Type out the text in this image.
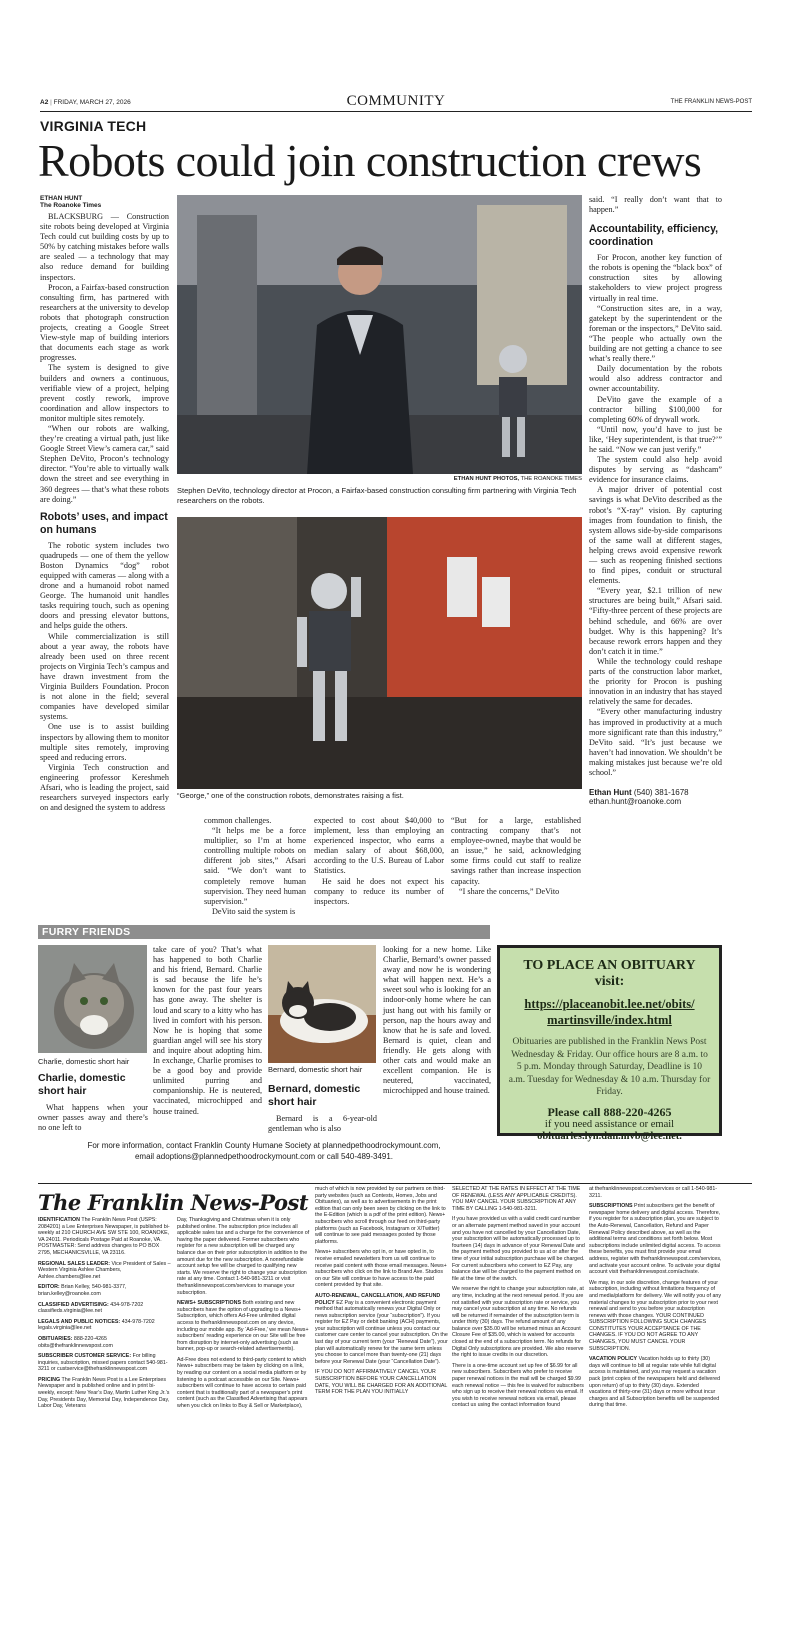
A2 | FRIDAY, MARCH 27, 2026	COMMUNITY	THE FRANKLIN NEWS-POST
VIRGINIA TECH
Robots could join construction crews
ETHAN HUNT
The Roanoke Times

BLACKSBURG — Construction site robots being developed at Virginia Tech could cut building costs by up to 50% by catching mistakes before walls are sealed — a technology that may also reduce demand for building inspectors.

Procon, a Fairfax-based construction consulting firm, has partnered with researchers at the university to develop robots that photograph construction projects, creating a Google Street View-style map of building interiors that documents each stage as work progresses.

The system is designed to give builders and owners a continuous, verifiable view of a project, helping prevent costly rework, improve coordination and allow inspectors to monitor multiple sites remotely.

“When our robots are walking, they’re creating a virtual path, just like Google Street View’s camera car,” said Stephen DeVito, Procon’s technology director. “You’re able to virtually walk down the street and see everything in 360 degrees — that’s what these robots are doing.”

Robots’ uses, and impact on humans

The robotic system includes two quadrupeds — one of them the yellow Boston Dynamics “dog” robot equipped with cameras — along with a drone and a humanoid robot named George. The humanoid unit handles tasks requiring touch, such as opening doors and pressing elevator buttons, and helps guide the others.

While commercialization is still about a year away, the robots have already been used on three recent projects on Virginia Tech’s campus and have drawn investment from the Virginia Builders Foundation. Procon is not alone in the field; several companies have developed similar systems.

One use is to assist building inspectors by allowing them to monitor multiple sites remotely, improving speed and reducing errors.

Virginia Tech construction and engineering professor Kereshmeh Afsari, who is leading the project, said researchers surveyed inspectors early on and designed the system to address

ETHAN HUNT PHOTOS, THE ROANOKE TIMES
Stephen DeVito, technology director at Procon, a Fairfax-based construction consulting firm partnering with Virginia Tech researchers on the robots.
“George,” one of the construction robots, demonstrates raising a fist.

common challenges.

“It helps me be a force multiplier, so I’m at home controlling multiple robots on different job sites,” Afsari said. “We don’t want to completely remove human supervision. They need human supervision.”

DeVito said the system is

expected to cost about $40,000 to implement, less than employing an experienced inspector, who earns a median salary of about $68,000, according to the U.S. Bureau of Labor Statistics.

He said he does not expect his company to reduce its number of inspectors.

“But for a large, established contracting company that’s not employee-owned, maybe that would be an issue,” he said, acknowledging some firms could cut staff to realize savings rather than increase inspection capacity.

“I share the concerns,” DeVito

said. “I really don’t want that to happen.”

Accountability, efficiency, coordination

For Procon, another key function of the robots is opening the “black box” of construction sites by allowing stakeholders to view project progress virtually in real time.

“Construction sites are, in a way, gatekept by the superintendent or the foreman or the inspectors,” DeVito said. “The people who actually own the building are not getting a chance to see what’s really there.”

Daily documentation by the robots would also address contractor and owner accountability.

DeVito gave the example of a contractor billing $100,000 for completing 60% of drywall work.

“Until now, you’d have to just be like, ‘Hey superintendent, is that true?’” he said. “Now we can just verify.”

The system could also help avoid disputes by serving as “dashcam” evidence for insurance claims.

A major driver of potential cost savings is what DeVito described as the robot’s “X-ray” vision. By capturing images from foundation to finish, the system allows side-by-side comparisons of the same wall at different stages, helping crews avoid expensive rework — such as reopening finished sections to find pipes, conduit or structural elements.

“Every year, $2.1 trillion of new structures are being built,” Afsari said. “Fifty-three percent of these projects are behind schedule, and 66% are over budget. Why is this happening? It’s because rework errors happen and they don’t catch it in time.”

While the technology could reshape parts of the construction labor market, the priority for Procon is pushing innovation in an industry that has stayed relatively the same for decades.

“Every other manufacturing industry has improved in productivity at a much more significant rate than this industry,” DeVito said. “It’s just because we haven’t had innovation. We shouldn’t be making mistakes just because we’re old school.”

Ethan Hunt (540) 381-1678
ethan.hunt@roanoke.com
FURRY FRIENDS
Charlie, domestic short hair
Charlie, domestic short hair

What happens when your owner passes away and there’s no one left to

take care of you? That’s what has happened to both Charlie and his friend, Bernard. Charlie is sad because the life he’s known for the past four years has gone away. The shelter is loud and scary to a kitty who has lived in comfort with his person. Now he is hoping that some guardian angel will see his story and inquire about adopting him. In exchange, Charlie promises to be a good boy and provide unlimited purring and companionship. He is neutered, vaccinated, microchipped and house trained.

Bernard, domestic short hair
Bernard, domestic short hair

Bernard is a 6-year-old gentleman who is also

looking for a new home. Like Charlie, Bernard’s owner passed away and now he is wondering what will happen next. He’s a sweet soul who is looking for an indoor-only home where he can just hang out with his family or person, nap the hours away and know that he is safe and loved. Bernard is quiet, clean and friendly. He gets along with other cats and would make an excellent companion. He is neutered, vaccinated, microchipped and house trained.

For more information, contact Franklin County Humane Society at plannedpethoodrockymount.com,
email adoptions@plannedpethoodrockymount.com or call 540-489-3491.
TO PLACE AN OBITUARY
visit:
https://placeanobit.lee.net/obits/
martinsville/index.html
Obituaries are published in the Franklin News Post Wednesday & Friday. Our office hours are 8 a.m. to 5 p.m. Monday through Saturday, Deadline is 10 a.m. Tuesday for Wednesday & 10 a.m. Thursday for Friday.
Please call 888-220-4265
if you need assistance or email
obituaries.lyn.dan.mvb@lee.net.
The Franklin News-Post

IDENTIFICATION The Franklin News Post (USPS: 2084201) a Lee Enterprises Newspaper, is published bi-weekly at 210 CHURCH AVE SW STE 100, ROANOKE, VA 24011. Periodicals Postage Paid at Roanoke, VA. POSTMASTER: Send address changes to PO BOX 2795, MECHANICSVILLE, VA 23116.

REGIONAL SALES LEADER: Vice President of Sales – Western Virginia Ashlee Chambers, Ashlee.chambers@lee.net

EDITOR: Brian Kelley, 540-981-3377, brian.kelley@roanoke.com

CLASSIFIED ADVERTISING: 434-978-7202 classifieds.virginia@lee.net

LEGALS AND PUBLIC NOTICES: 434-978-7202 legals.virginia@lee.net

OBITUARIES: 888-220-4265 obits@thefranklinnewspost.com

SUBSCRIBER CUSTOMER SERVICE: For billing inquiries, subscription, missed papers contact 540-981-3211 or custservice@thefranklinnewspost.com

PRICING The Franklin News Post is a Lee Enterprises Newspaper and is published online and in print bi-weekly, except: New Year’s Day, Martin Luther King Jr.’s Day, Presidents Day, Memorial Day, Independence Day, Labor Day, Veterans

Day, Thanksgiving and Christmas when it is only published online. The subscription price includes all applicable sales tax and a charge for the convenience of having the paper delivered. Former subscribers who register for a new subscription will be charged any balance due on their prior subscription in addition to the amount due for the new subscription. A nonrefundable account setup fee will be charged to qualifying new starts. We reserve the right to change your subscription rate at any time. Contact 1-540-981-3211 or visit thefranklinnewspost.com/services to manage your subscription.

NEWS+ SUBSCRIPTIONS Both existing and new subscribers have the option of upgrading to a News+ Subscription, which offers Ad-Free unlimited digital access to thefranklinnewspost.com on any device, including our mobile app. By ‘Ad-Free,’ we mean News+ subscribers’ reading experience on our Site will be free from disruption by internet-only advertising (such as banner, pop-up or search-related advertisements).

Ad-Free does not extend to third-party content to which News+ subscribers may be taken by clicking on a link, by reading our content on a social media platform or by listening to a podcast accessible on our Site. News+ subscribers will continue to have access to certain paid content that is traditionally part of a newspaper’s print content (such as the Classified Advertising that appears when you click on links to Buy & Sell or Marketplace),

much of which is now provided by our partners on third-party websites (such as Contests, Homes, Jobs and Obituaries), as well as to advertisements in the print edition that can only been seen by clicking on the link to the E-Edition (which is a pdf of the print edition). News+ subscribers who scroll through our feed on third-party platforms (such as Facebook, Instagram or X/Twitter) will continue to see paid messages posted by those platforms.

News+ subscribers who opt in, or have opted in, to receive emailed newsletters from us will continue to receive paid content with those email messages. News+ subscribers who click on the link to Brand Ave. Studios on our Site will continue to have access to the paid content provided by that site.

AUTO-RENEWAL, CANCELLATION, AND REFUND POLICY EZ Pay is a convenient electronic payment method that automatically renews your Digital Only or news subscription service (your “subscription”). If you register for EZ Pay or debit banking (ACH) payments, your subscription will continue unless you contact our customer care center to cancel your subscription. On the last day of your current term (your “Renewal Date”), your plan will automatically renew for the same term unless you choose to cancel more than twenty-one (21) days before your Renewal Date (your “Cancellation Date”).

IF YOU DO NOT AFFIRMATIVELY CANCEL YOUR SUBSCRIPTION BEFORE YOUR CANCELLATION DATE, YOU WILL BE CHARGED FOR AN ADDITIONAL TERM FOR THE PLAN YOU INITIALLY

SELECTED AT THE RATES IN EFFECT AT THE TIME OF RENEWAL (LESS ANY APPLICABLE CREDITS). YOU MAY CANCEL YOUR SUBSCRIPTION AT ANY TIME BY CALLING 1-540-981-3211.

If you have provided us with a valid credit card number or an alternate payment method saved in your account and you have not cancelled by your Cancellation Date, your subscription will be automatically processed up to fourteen (14) days in advance of your Renewal Date and the payment method you provided to us at or after the time of your initial subscription purchase will be charged. For current subscribers who convert to EZ Pay, any balance due will be charged to the payment method on file at the time of the switch.

We reserve the right to change your subscription rate, at any time, including at the next renewal period. If you are not satisfied with your subscription rate or service, you may cancel your subscription at any time. No refunds will be returned if remainder of the subscription term is under thirty (30) days. The refund amount of any balance over $35.00 will be returned minus an Account Closure Fee of $35.00, which is waived for accounts closed at the end of a subscription term. No refunds for Digital Only subscriptions are provided. We also reserve the right to issue credits in our discretion.

There is a one-time account set up fee of $6.99 for all new subscribers. Subscribers who prefer to receive paper renewal notices in the mail will be charged $9.99 each renewal notice — this fee is waived for subscribers who sign up to receive their renewal notices via email. If you wish to receive renewal notices via email, please contact us using the contact information found

at thefranklinnewspost.com/services or call 1-540-981-3211.

SUBSCRIPTIONS Print subscribers get the benefit of newspaper home delivery and digital access. Therefore, if you register for a subscription plan, you are subject to the Auto-Renewal, Cancellation, Refund and Paper Renewal Policy described above, as well as the additional terms and conditions set forth below. Most subscriptions include unlimited digital access. To access these benefits, you must first provide your email address, register with thefranklinnewspost.com/services, and activate your account online. To activate your digital account visit thefranklinnewspost.com/activate.

We may, in our sole discretion, change features of your subscription, including without limitations frequency of and media/platform for delivery. We will notify you of any material changes to your subscription prior to your next renewal and send to you before your subscription renews with those changes. YOUR CONTINUED SUBSCRIPTION FOLLOWING SUCH CHANGES CONSTITUTES YOUR ACCEPTANCE OF THE CHANGES. IF YOU DO NOT AGREE TO ANY CHANGES, YOU MUST CANCEL YOUR SUBSCRIPTION.

VACATION POLICY Vacation holds up to thirty (30) days will continue to bill at regular rate while full digital access is maintained, and you may request a vacation pack (print copies of the newspapers held and delivered upon return) of up to thirty (30) days. Extended vacations of thirty-one (31) days or more without incur charges and all Subscription benefits will be suspended during that time.
